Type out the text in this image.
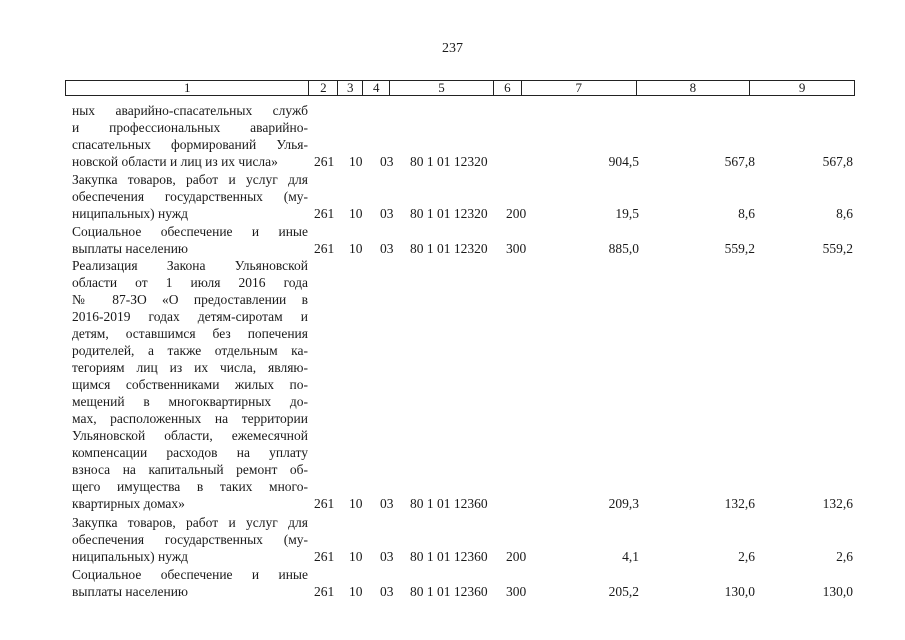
237
1	2	3	4	5	6	7	8	9
ных аварийно-спасательных служб
и профессиональных аварийно-
спасательных формирований Улья-
новской области и лиц из их числа»	261 10 03 80 1 01 12320	904,5	567,8	567,8
Закупка товаров, работ и услуг для
обеспечения государственных (му-
ниципальных) нужд	261 10 03 80 1 01 12320 200	19,5	8,6	8,6
Социальное обеспечение и иные
выплаты населению	261 10 03 80 1 01 12320 300	885,0	559,2	559,2
Реализация Закона Ульяновской
области от 1 июля 2016 года
№ 87-ЗО «О предоставлении в
2016-2019 годах детям-сиротам и
детям, оставшимся без попечения
родителей, а также отдельным ка-
тегориям лиц из их числа, являю-
щимся собственниками жилых по-
мещений в многоквартирных до-
мах, расположенных на территории
Ульяновской области, ежемесячной
компенсации расходов на уплату
взноса на капитальный ремонт об-
щего имущества в таких много-
квартирных домах»	261 10 03 80 1 01 12360	209,3	132,6	132,6
Закупка товаров, работ и услуг для
обеспечения государственных (му-
ниципальных) нужд	261 10 03 80 1 01 12360 200	4,1	2,6	2,6
Социальное обеспечение и иные
выплаты населению	261 10 03 80 1 01 12360 300	205,2	130,0	130,0
